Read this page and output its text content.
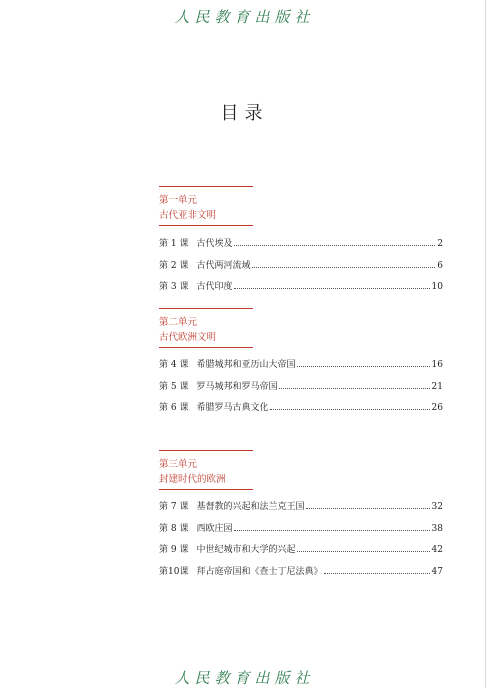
人民教育出版社
目录
第一单元
古代亚非文明
第 1 课 古代埃及	2
第 2 课 古代两河流域	6
第 3 课 古代印度	10
第二单元
古代欧洲文明
第 4 课 希腊城邦和亚历山大帝国	16
第 5 课 罗马城邦和罗马帝国	21
第 6 课 希腊罗马古典文化	26
第三单元
封建时代的欧洲
第 7 课 基督教的兴起和法兰克王国	32
第 8 课 西欧庄园	38
第 9 课 中世纪城市和大学的兴起	42
第10课 拜占庭帝国和《查士丁尼法典》	47
人民教育出版社
